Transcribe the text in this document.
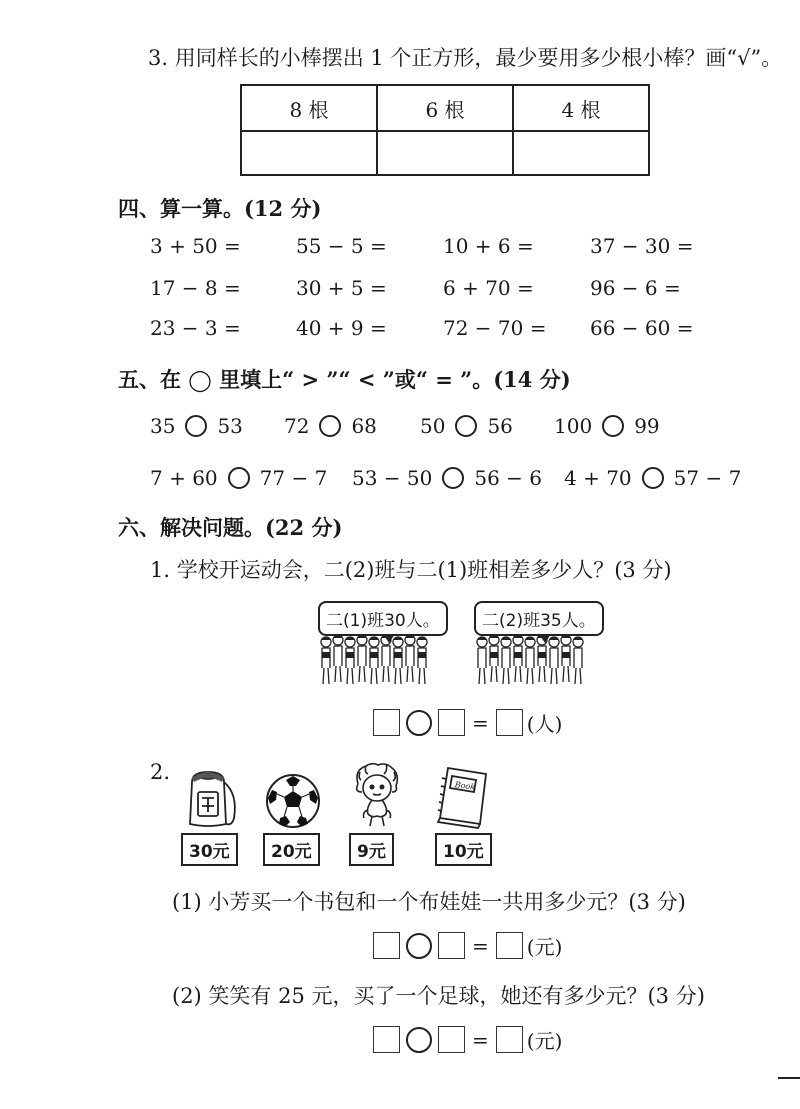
3. 用同样长的小棒摆出 1 个正方形，最少要用多少根小棒？画“√”。
8 根	6 根	4 根

四、算一算。(12 分)
3 + 50 =	55 − 5 =	10 + 6 =	37 − 30 =
17 − 8 =	30 + 5 =	6 + 70 =	96 − 6 =
23 − 3 =	40 + 9 =	72 − 70 = 66 − 60 =
五、在 ◯ 里填上“ > ”“ < ”或“ = ”。(14 分)
35 53 72 68 50 56 100 99
7 + 60 77 − 7 53 − 50 56 − 6 4 + 70 57 − 7
六、解决问题。(22 分)
1. 学校开运动会，二(2)班与二(1)班相差多少人？(3 分)
二(1)班30人。	二(2)班35人。
= (人)
2.
30元	20元	9元
Book
10元
(1) 小芳买一个书包和一个布娃娃一共用多少元？(3 分)
= (元)
(2) 笑笑有 25 元，买了一个足球，她还有多少元？(3 分)
= (元)
